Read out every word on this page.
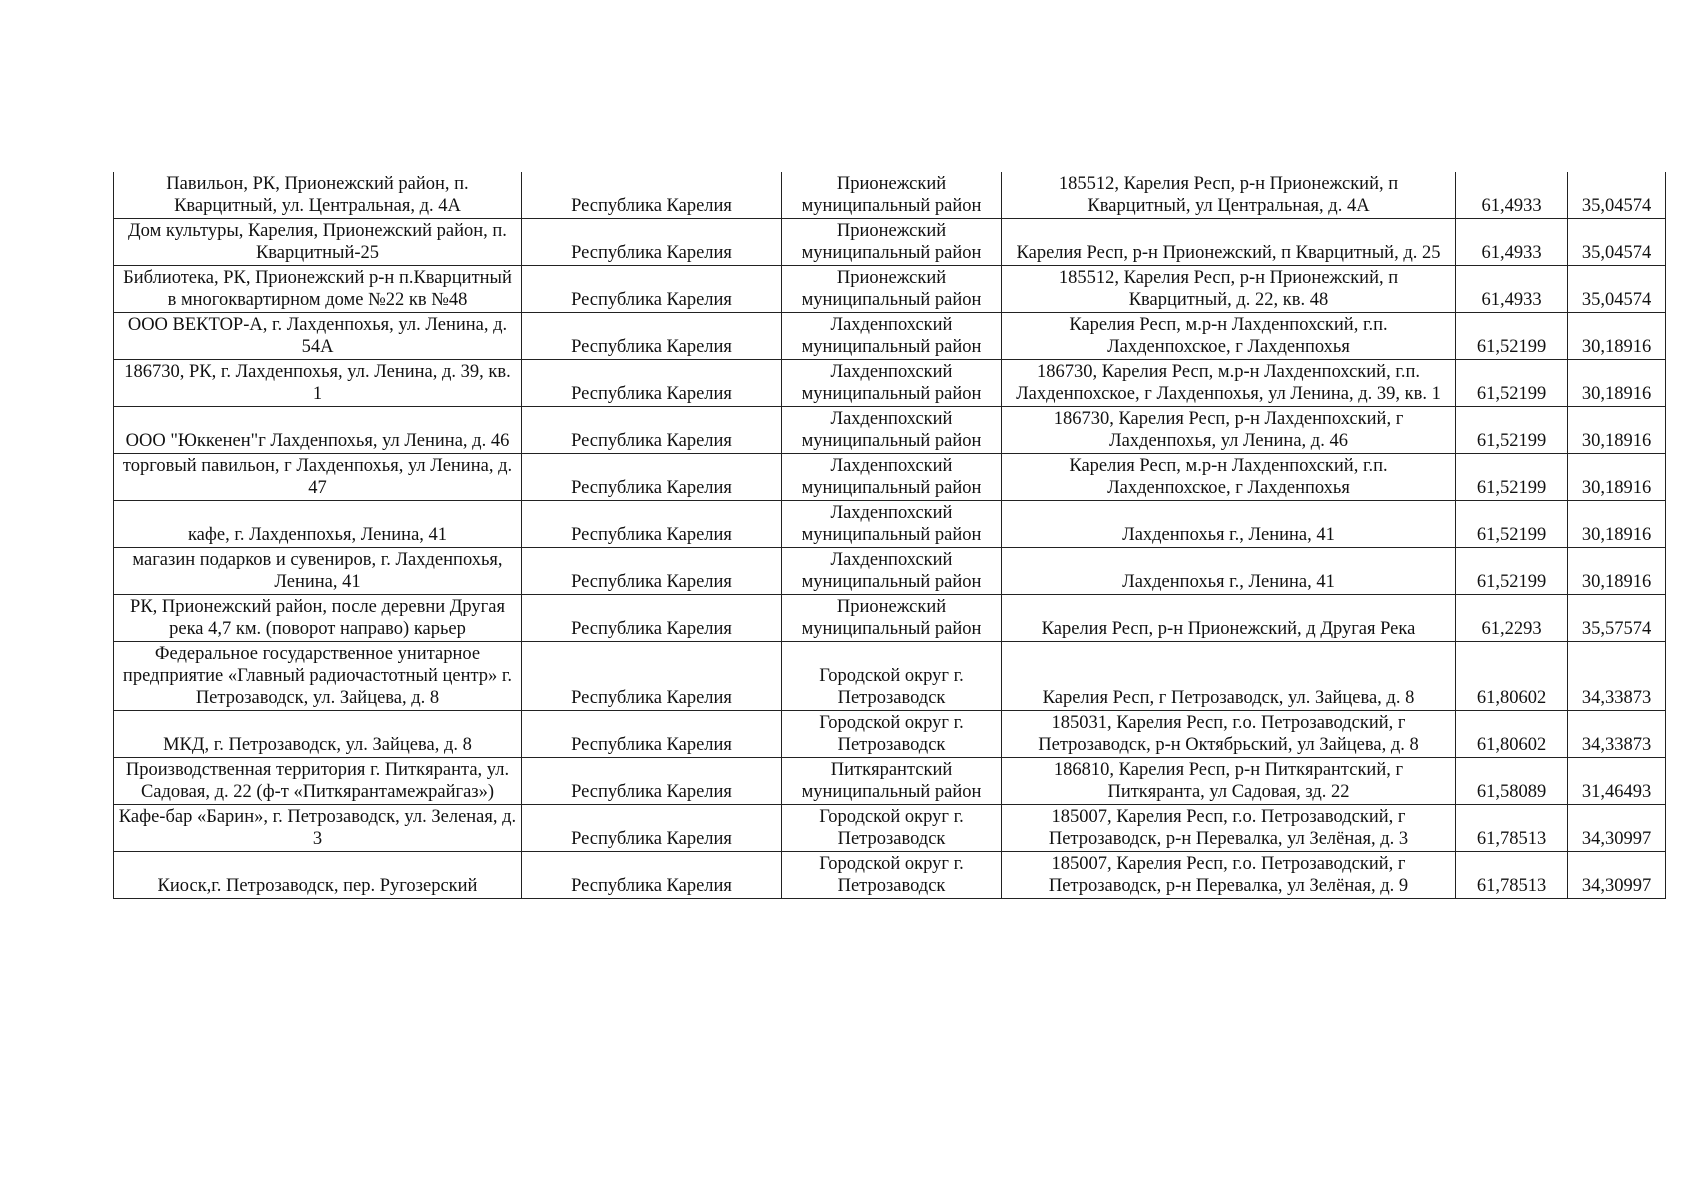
Павильон, РК, Прионежский район, п. Кварцитный, ул. Центральная, д. 4А	Республика Карелия	Прионежский муниципальный район	185512, Карелия Респ, р-н Прионежский, п Кварцитный, ул Центральная, д. 4А	61,4933	35,04574
Дом культуры, Карелия, Прионежский район, п. Кварцитный-25	Республика Карелия	Прионежский муниципальный район	Карелия Респ, р-н Прионежский, п Кварцитный, д. 25	61,4933	35,04574
Библиотека, РК, Прионежский р-н п.Кварцитный в многоквартирном доме №22 кв №48	Республика Карелия	Прионежский муниципальный район	185512, Карелия Респ, р-н Прионежский, п Кварцитный, д. 22, кв. 48	61,4933	35,04574
ООО ВЕКТОР-А, г. Лахденпохья, ул. Ленина, д. 54А	Республика Карелия	Лахденпохский муниципальный район	Карелия Респ, м.р-н Лахденпохский, г.п. Лахденпохское, г Лахденпохья	61,52199	30,18916
186730, РК, г. Лахденпохья, ул. Ленина, д. 39, кв. 1	Республика Карелия	Лахденпохский муниципальный район	186730, Карелия Респ, м.р-н Лахденпохский, г.п. Лахденпохское, г Лахденпохья, ул Ленина, д. 39, кв. 1	61,52199	30,18916
ООО "Юккенен"г Лахденпохья, ул Ленина, д. 46	Республика Карелия	Лахденпохский муниципальный район	186730, Карелия Респ, р-н Лахденпохский, г Лахденпохья, ул Ленина, д. 46	61,52199	30,18916
торговый павильон, г Лахденпохья, ул Ленина, д. 47	Республика Карелия	Лахденпохский муниципальный район	Карелия Респ, м.р-н Лахденпохский, г.п. Лахденпохское, г Лахденпохья	61,52199	30,18916
кафе, г. Лахденпохья, Ленина, 41	Республика Карелия	Лахденпохский муниципальный район	Лахденпохья г., Ленина, 41	61,52199	30,18916
магазин подарков и сувениров, г. Лахденпохья, Ленина, 41	Республика Карелия	Лахденпохский муниципальный район	Лахденпохья г., Ленина, 41	61,52199	30,18916
РК, Прионежский район, после деревни Другая река 4,7 км. (поворот направо) карьер	Республика Карелия	Прионежский муниципальный район	Карелия Респ, р-н Прионежский, д Другая Река	61,2293	35,57574
Федеральное государственное унитарное предприятие «Главный радиочастотный центр» г. Петрозаводск, ул. Зайцева, д. 8	Республика Карелия	Городской округ г. Петрозаводск	Карелия Респ, г Петрозаводск, ул. Зайцева, д. 8	61,80602	34,33873
МКД, г. Петрозаводск, ул. Зайцева, д. 8	Республика Карелия	Городской округ г. Петрозаводск	185031, Карелия Респ, г.о. Петрозаводский, г Петрозаводск, р-н Октябрьский, ул Зайцева, д. 8	61,80602	34,33873
Производственная территория г. Питкяранта, ул. Садовая, д. 22 (ф-т «Питкярантамежрайгаз»)	Республика Карелия	Питкярантский муниципальный район	186810, Карелия Респ, р-н Питкярантский, г Питкяранта, ул Садовая, зд. 22	61,58089	31,46493
Кафе-бар «Барин», г. Петрозаводск, ул. Зеленая, д. 3	Республика Карелия	Городской округ г. Петрозаводск	185007, Карелия Респ, г.о. Петрозаводский, г Петрозаводск, р-н Перевалка, ул Зелёная, д. 3	61,78513	34,30997
Киоск,г. Петрозаводск, пер. Ругозерский	Республика Карелия	Городской округ г. Петрозаводск	185007, Карелия Респ, г.о. Петрозаводский, г Петрозаводск, р-н Перевалка, ул Зелёная, д. 9	61,78513	34,30997
